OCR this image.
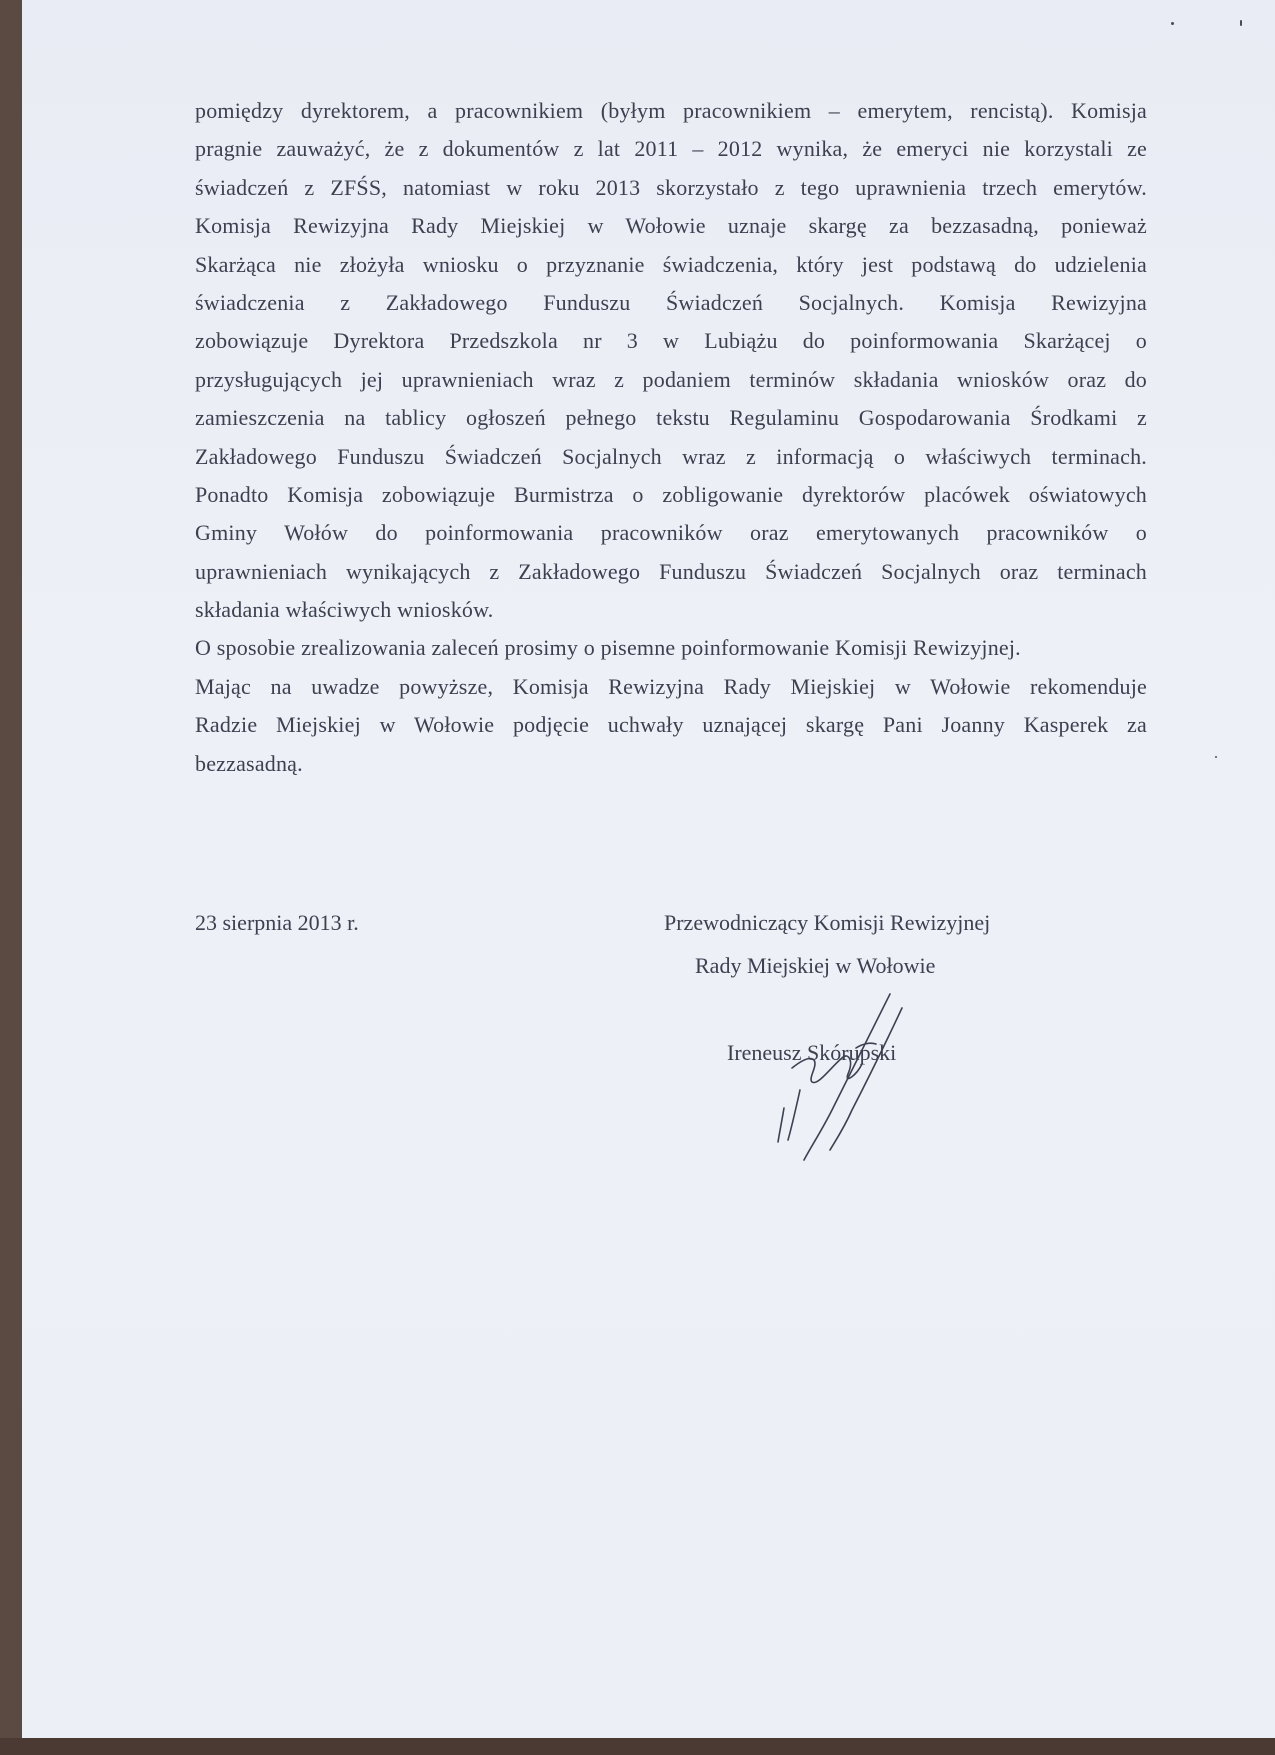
pomiędzy dyrektorem, a pracownikiem (byłym pracownikiem – emerytem, rencistą). Komisja
pragnie zauważyć, że z dokumentów z lat 2011 – 2012 wynika, że emeryci nie korzystali ze
świadczeń z ZFŚS, natomiast w roku 2013 skorzystało z tego uprawnienia trzech emerytów.
Komisja Rewizyjna Rady Miejskiej w Wołowie uznaje skargę za bezzasadną, ponieważ
Skarżąca nie złożyła wniosku o przyznanie świadczenia, który jest podstawą do udzielenia
świadczenia z Zakładowego Funduszu Świadczeń Socjalnych. Komisja Rewizyjna
zobowiązuje Dyrektora Przedszkola nr 3 w Lubiążu do poinformowania Skarżącej o
przysługujących jej uprawnieniach wraz z podaniem terminów składania wniosków oraz do
zamieszczenia na tablicy ogłoszeń pełnego tekstu Regulaminu Gospodarowania Środkami z
Zakładowego Funduszu Świadczeń Socjalnych wraz z informacją o właściwych terminach.
Ponadto Komisja zobowiązuje Burmistrza o zobligowanie dyrektorów placówek oświatowych
Gminy Wołów do poinformowania pracowników oraz emerytowanych pracowników o
uprawnieniach wynikających z Zakładowego Funduszu Świadczeń Socjalnych oraz terminach
składania właściwych wniosków.
O sposobie zrealizowania zaleceń prosimy o pisemne poinformowanie Komisji Rewizyjnej.
Mając na uwadze powyższe, Komisja Rewizyjna Rady Miejskiej w Wołowie rekomenduje
Radzie Miejskiej w Wołowie podjęcie uchwały uznającej skargę Pani Joanny Kasperek za
bezzasadną.
23 sierpnia 2013 r.	Przewodniczący Komisji Rewizyjnej
Rady Miejskiej w Wołowie
Ireneusz Skórupski
